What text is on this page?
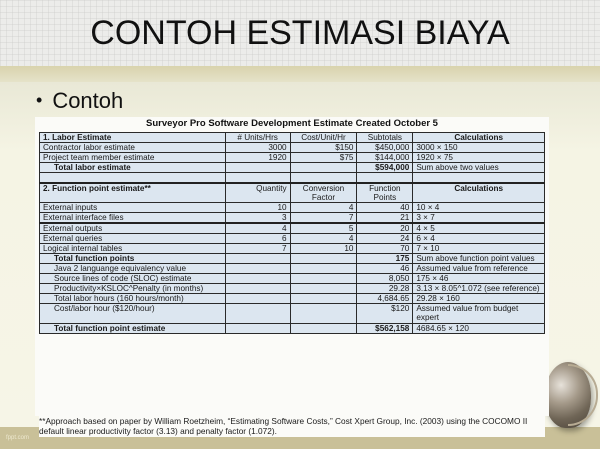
fppt.com
CONTOH ESTIMASI BIAYA
• Contoh
Surveyor Pro Software Development Estimate Created October 5
1. Labor Estimate	# Units/Hrs	Cost/Unit/Hr	Subtotals	Calculations
Contractor labor estimate	3000	$150	$450,000	3000 × 150
Project team member estimate	1920	$75	$144,000	1920 × 75
Total labor estimate			$594,000	Sum above two values

2. Function point estimate**	Quantity	Conversion Factor	Function Points	Calculations
External inputs	10	4	40	10 × 4
External interface files	3	7	21	3 × 7
External outputs	4	5	20	4 × 5
External queries	6	4	24	6 × 4
Logical internal tables	7	10	70	7 × 10
Total function points			175	Sum above function point values
Java 2 languange equivalency value			46	Assumed value from reference
Source lines of code (SLOC) estimate			8,050	175 × 46
Productivity×KSLOC^Penalty (in months)			29.28	3.13 × 8.05^1.072 (see reference)
Total labor hours (160 hours/month)			4,684.65	29.28 × 160
Cost/labor hour ($120/hour)			$120	Assumed value from budget expert
Total function point estimate			$562,158	4684.65 × 120
**Approach based on paper by William Roetzheim, “Estimating Software Costs,” Cost Xpert Group, Inc. (2003) using the COCOMO II default linear productivity factor (3.13) and penalty factor (1.072).
